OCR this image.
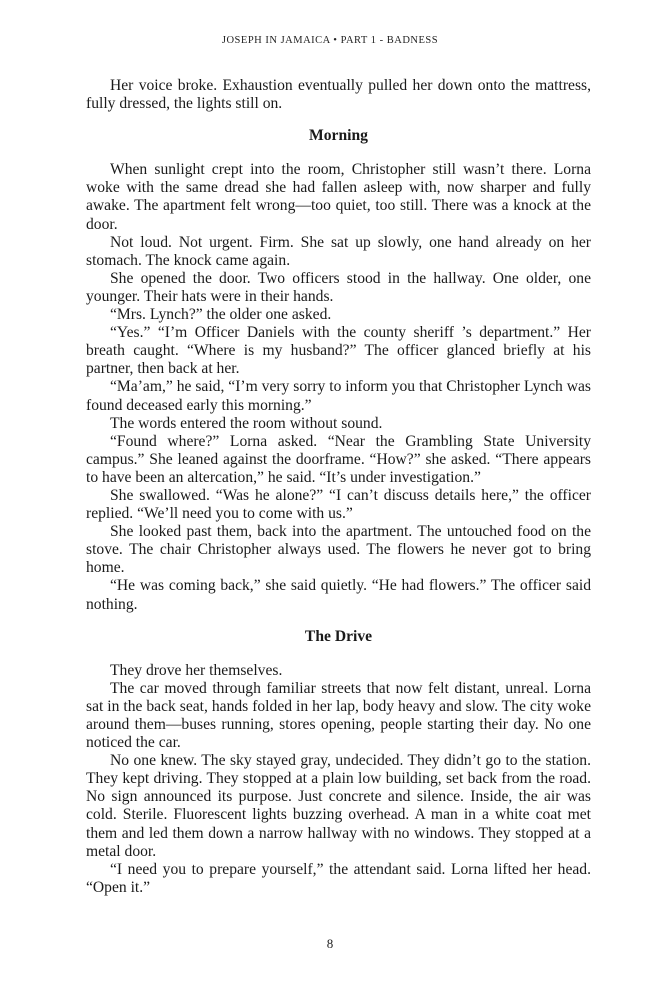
JOSEPH IN JAMAICA • PART 1 - BADNESS

Her voice broke. Exhaustion eventually pulled her down onto the mattress, fully dressed, the lights still on.

Morning

When sunlight crept into the room, Christopher still wasn’t there. Lorna woke with the same dread she had fallen asleep with, now sharper and fully awake. The apartment felt wrong—too quiet, too still. There was a knock at the door.

Not loud. Not urgent. Firm. She sat up slowly, one hand already on her stomach. The knock came again.

She opened the door. Two officers stood in the hallway. One older, one younger. Their hats were in their hands.

“Mrs. Lynch?” the older one asked.

“Yes.” “I’m Officer Daniels with the county sheriff ’s department.” Her breath caught. “Where is my husband?” The officer glanced briefly at his partner, then back at her.

“Ma’am,” he said, “I’m very sorry to inform you that Christopher Lynch was found deceased early this morning.”

The words entered the room without sound.

“Found where?” Lorna asked. “Near the Grambling State University campus.” She leaned against the doorframe. “How?” she asked. “There appears to have been an altercation,” he said. “It’s under investigation.”

She swallowed. “Was he alone?” “I can’t discuss details here,” the officer replied. “We’ll need you to come with us.”

She looked past them, back into the apartment. The untouched food on the stove. The chair Christopher always used. The flowers he never got to bring home.

“He was coming back,” she said quietly. “He had flowers.” The officer said nothing.

The Drive

They drove her themselves.

The car moved through familiar streets that now felt distant, unreal. Lorna sat in the back seat, hands folded in her lap, body heavy and slow. The city woke around them—buses running, stores opening, people starting their day. No one noticed the car.

No one knew. The sky stayed gray, undecided. They didn’t go to the station. They kept driving. They stopped at a plain low building, set back from the road. No sign announced its purpose. Just concrete and silence. Inside, the air was cold. Sterile. Fluorescent lights buzzing overhead. A man in a white coat met them and led them down a narrow hallway with no windows. They stopped at a metal door.

“I need you to prepare yourself,” the attendant said. Lorna lifted her head. “Open it.”

8
